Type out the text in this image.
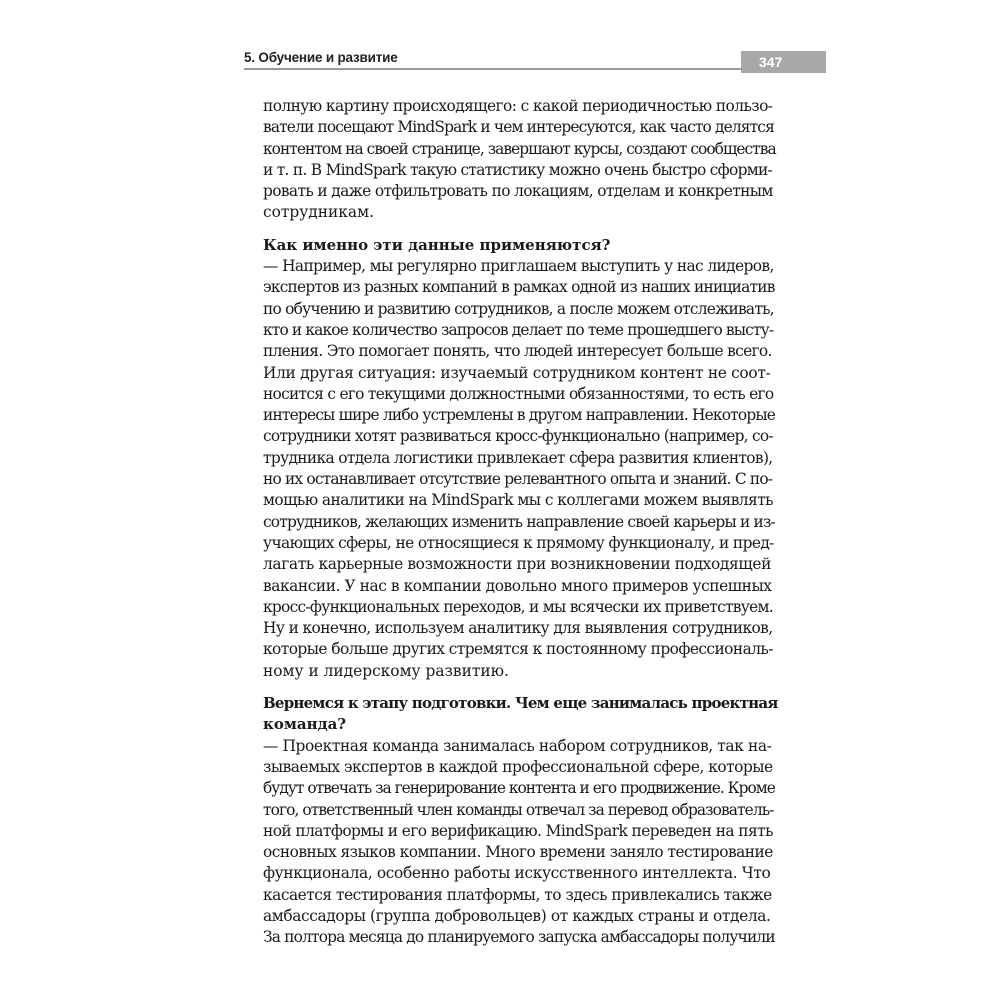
5. Обучение и развитие	347

полную картину происходящего: с какой периодичностью пользо-
ватели посещают MindSpark и чем интересуются, как часто делятся
контентом на своей странице, завершают курсы, создают сообщества
и т. п. В MindSpark такую статистику можно очень быстро сформи-
ровать и даже отфильтровать по локациям, отделам и конкретным
сотрудникам.

Как именно эти данные применяются?

— Например, мы регулярно приглашаем выступить у нас лидеров,
экспертов из разных компаний в рамках одной из наших инициатив
по обучению и развитию сотрудников, а после можем отслеживать,
кто и какое количество запросов делает по теме прошедшего высту-
пления. Это помогает понять, что людей интересует больше всего.
Или другая ситуация: изучаемый сотрудником контент не соот-
носится с его текущими должностными обязанностями, то есть его
интересы шире либо устремлены в другом направлении. Некоторые
сотрудники хотят развиваться кросс-функционально (например, со-
трудника отдела логистики привлекает сфера развития клиентов),
но их останавливает отсутствие релевантного опыта и знаний. С по-
мощью аналитики на MindSpark мы с коллегами можем выявлять
сотрудников, желающих изменить направление своей карьеры и из-
учающих сферы, не относящиеся к прямому функционалу, и пред-
лагать карьерные возможности при возникновении подходящей
вакансии. У нас в компании довольно много примеров успешных
кросс-функциональных переходов, и мы всячески их приветствуем.
Ну и конечно, используем аналитику для выявления сотрудников,
которые больше других стремятся к постоянному профессиональ-
ному и лидерскому развитию.

Вернемся к этапу подготовки. Чем еще занималась проектная
команда?

— Проектная команда занималась набором сотрудников, так на-
зываемых экспертов в каждой профессиональной сфере, которые
будут отвечать за генерирование контента и его продвижение. Кроме
того, ответственный член команды отвечал за перевод образователь-
ной платформы и его верификацию. MindSpark переведен на пять
основных языков компании. Много времени заняло тестирование
функционала, особенно работы искусственного интеллекта. Что
касается тестирования платформы, то здесь привлекались также
амбассадоры (группа добровольцев) от каждых страны и отдела.
За полтора месяца до планируемого запуска амбассадоры получили
